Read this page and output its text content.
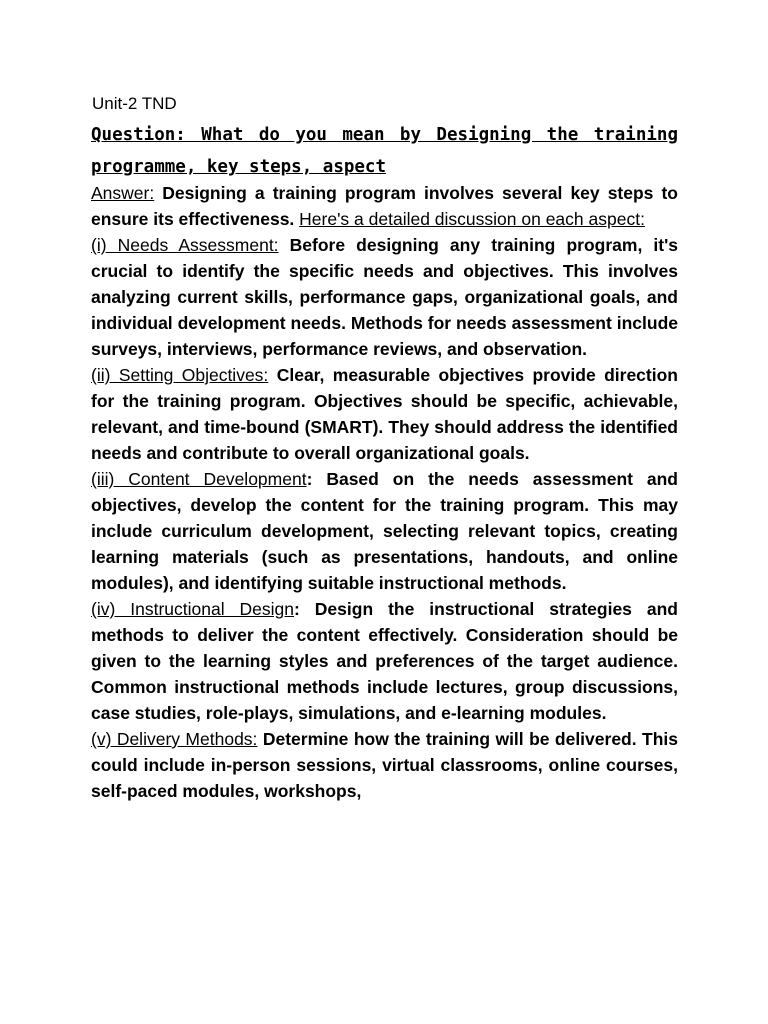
Unit-2 TND

Question: What do you mean by Designing the training programme, key steps, aspect

Answer: Designing a training program involves several key steps to ensure its effectiveness. Here's a detailed discussion on each aspect:

(i) Needs Assessment: Before designing any training program, it's crucial to identify the specific needs and objectives. This involves analyzing current skills, performance gaps, organizational goals, and individual development needs. Methods for needs assessment include surveys, interviews, performance reviews, and observation.

(ii) Setting Objectives: Clear, measurable objectives provide direction for the training program. Objectives should be specific, achievable, relevant, and time-bound (SMART). They should address the identified needs and contribute to overall organizational goals.

(iii) Content Development: Based on the needs assessment and objectives, develop the content for the training program. This may include curriculum development, selecting relevant topics, creating learning materials (such as presentations, handouts, and online modules), and identifying suitable instructional methods.

(iv) Instructional Design: Design the instructional strategies and methods to deliver the content effectively. Consideration should be given to the learning styles and preferences of the target audience. Common instructional methods include lectures, group discussions, case studies, role-plays, simulations, and e-learning modules.

(v) Delivery Methods: Determine how the training will be delivered. This could include in-person sessions, virtual classrooms, online courses, self-paced modules, workshops,
